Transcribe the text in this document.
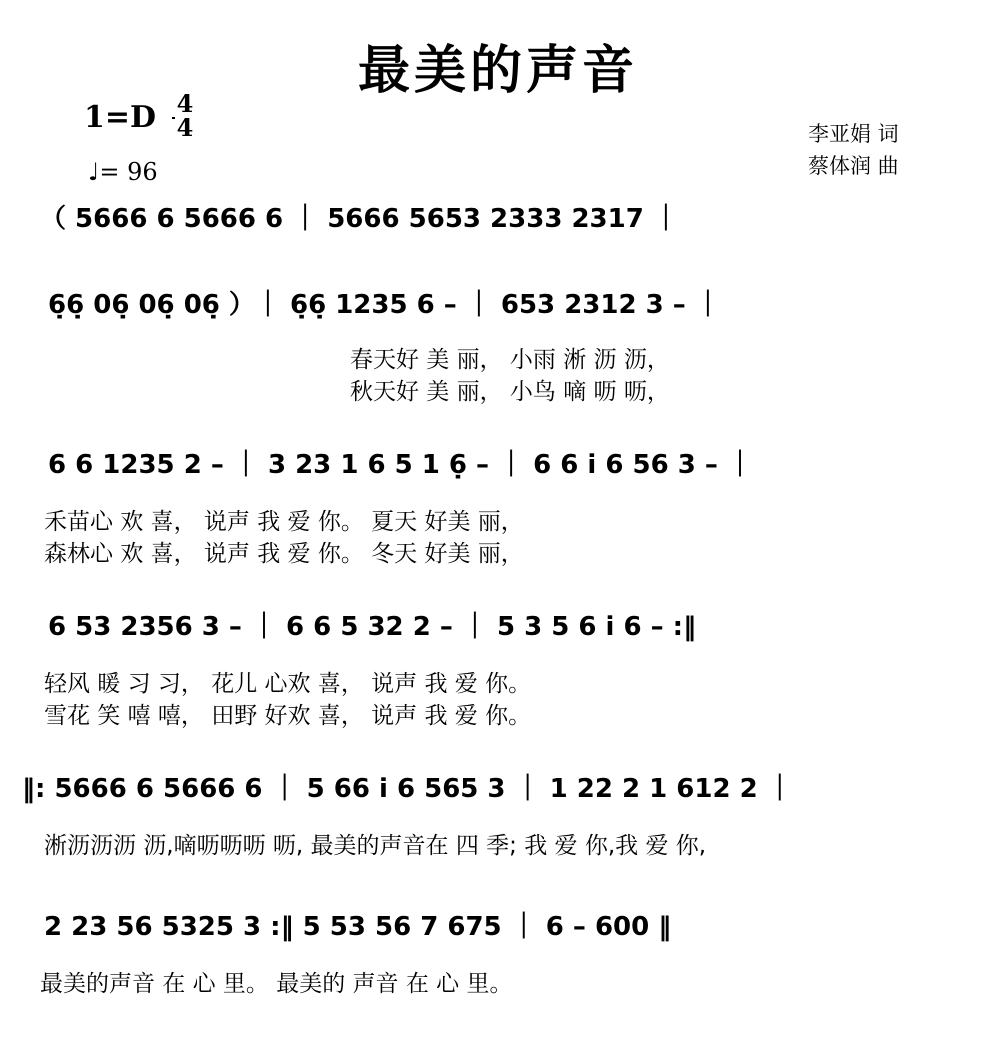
最美的声音
1=D 4
4
♩= 96
李亚娟 词
蔡体润 曲
（ 5666 6 5666 6 ｜ 5666 5653 2333 2317 ｜
6̣6̣ 06̣ 06̣ 06̣ ）｜ 6̣6̣ 1235 6 – ｜ 653 2312 3 – ｜
春天好 美 丽， 小雨 淅 沥 沥，
秋天好 美 丽， 小鸟 嘀 呖 呖，
6 6 1235 2 – ｜ 3 23 1 6 5 1 6̣ – ｜ 6 6 i̇ 6 56 3 – ｜
禾苗心 欢 喜， 说声 我 爱 你。 夏天 好美 丽，
森林心 欢 喜， 说声 我 爱 你。 冬天 好美 丽，
6 53 2356 3 – ｜ 6 6 5 32 2 – ｜ 5 3 5 6 i̇ 6 – :‖
轻风 暖 习 习， 花儿 心欢 喜， 说声 我 爱 你。
雪花 笑 嘻 嘻， 田野 好欢 喜， 说声 我 爱 你。
‖: 5666 6 5666 6 ｜ 5 66 i̇ 6 565 3 ｜ 1 22 2 1 612 2 ｜
淅沥沥沥 沥,嘀呖呖呖 呖, 最美的声音在 四 季; 我 爱 你,我 爱 你,
2 23 56 5325 3 :‖ 5 53 56 7 675 ｜ 6 – 600 ‖
最美的声音 在 心 里。 最美的 声音 在 心 里。
